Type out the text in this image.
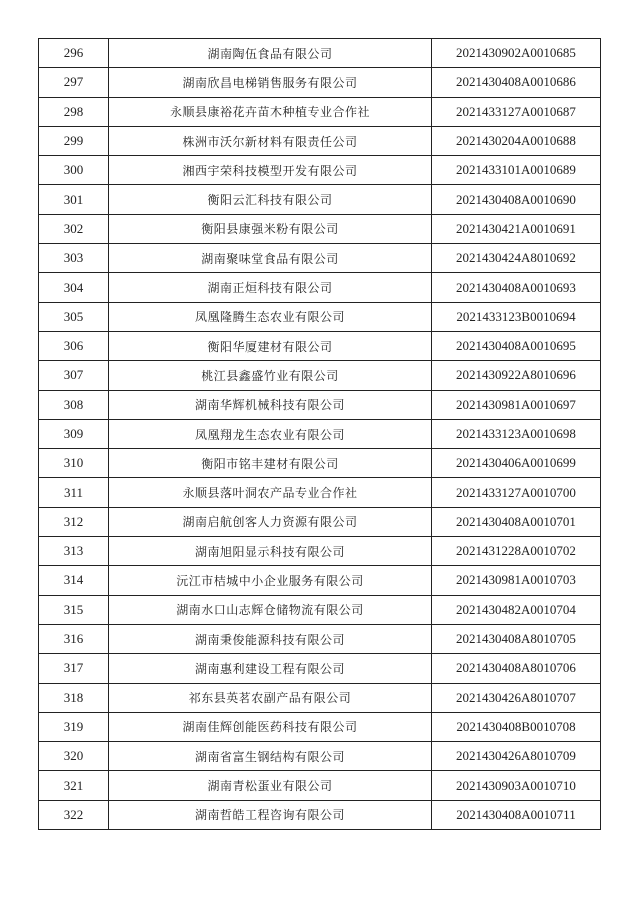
296	湖南陶伍食品有限公司	2021430902A0010685
297	湖南欣昌电梯销售服务有限公司	2021430408A0010686
298	永顺县康裕花卉苗木种植专业合作社	2021433127A0010687
299	株洲市沃尔新材料有限责任公司	2021430204A0010688
300	湘西宇荣科技模型开发有限公司	2021433101A0010689
301	衡阳云汇科技有限公司	2021430408A0010690
302	衡阳县康强米粉有限公司	2021430421A0010691
303	湖南聚味堂食品有限公司	2021430424A8010692
304	湖南正烜科技有限公司	2021430408A0010693
305	凤凰隆腾生态农业有限公司	2021433123B0010694
306	衡阳华厦建材有限公司	2021430408A0010695
307	桃江县鑫盛竹业有限公司	2021430922A8010696
308	湖南华辉机械科技有限公司	2021430981A0010697
309	凤凰翔龙生态农业有限公司	2021433123A0010698
310	衡阳市铭丰建材有限公司	2021430406A0010699
311	永顺县落叶洞农产品专业合作社	2021433127A0010700
312	湖南启航创客人力资源有限公司	2021430408A0010701
313	湖南旭阳显示科技有限公司	2021431228A0010702
314	沅江市桔城中小企业服务有限公司	2021430981A0010703
315	湖南水口山志辉仓储物流有限公司	2021430482A0010704
316	湖南秉俊能源科技有限公司	2021430408A8010705
317	湖南惠利建设工程有限公司	2021430408A8010706
318	祁东县英茗农副产品有限公司	2021430426A8010707
319	湖南佳辉创能医药科技有限公司	2021430408B0010708
320	湖南省富生钢结构有限公司	2021430426A8010709
321	湖南青松蛋业有限公司	2021430903A0010710
322	湖南哲皓工程咨询有限公司	2021430408A0010711
